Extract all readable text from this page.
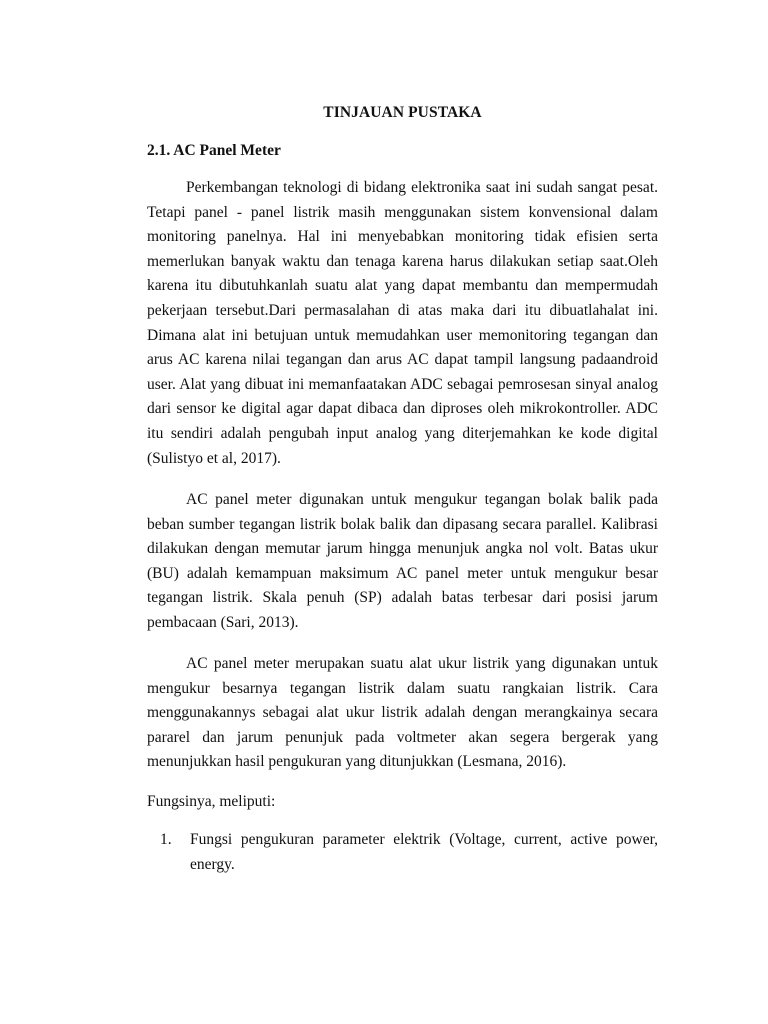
TINJAUAN PUSTAKA
2.1. AC Panel Meter

Perkembangan teknologi di bidang elektronika saat ini sudah sangat pesat. Tetapi panel - panel listrik masih menggunakan sistem konvensional dalam monitoring panelnya. Hal ini menyebabkan monitoring tidak efisien serta memerlukan banyak waktu dan tenaga karena harus dilakukan setiap saat.Oleh karena itu dibutuhkanlah suatu alat yang dapat membantu dan mempermudah pekerjaan tersebut.Dari permasalahan di atas maka dari itu dibuatlahalat ini. Dimana alat ini betujuan untuk memudahkan user memonitoring tegangan dan arus AC karena nilai tegangan dan arus AC dapat tampil langsung padaandroid user. Alat yang dibuat ini memanfaatakan ADC sebagai pemrosesan sinyal analog dari sensor ke digital agar dapat dibaca dan diproses oleh mikrokontroller. ADC itu sendiri adalah pengubah input analog yang diterjemahkan ke kode digital (Sulistyo et al, 2017).

AC panel meter digunakan untuk mengukur tegangan bolak balik pada beban sumber tegangan listrik bolak balik dan dipasang secara parallel. Kalibrasi dilakukan dengan memutar jarum hingga menunjuk angka nol volt. Batas ukur (BU) adalah kemampuan maksimum AC panel meter untuk mengukur besar tegangan listrik. Skala penuh (SP) adalah batas terbesar dari posisi jarum pembacaan (Sari, 2013).

AC panel meter merupakan suatu alat ukur listrik yang digunakan untuk mengukur besarnya tegangan listrik dalam suatu rangkaian listrik. Cara menggunakannys sebagai alat ukur listrik adalah dengan merangkainya secara pararel dan jarum penunjuk pada voltmeter akan segera bergerak yang menunjukkan hasil pengukuran yang ditunjukkan (Lesmana, 2016).

Fungsinya, meliputi:
1. Fungsi pengukuran parameter elektrik (Voltage, current, active power, energy.
